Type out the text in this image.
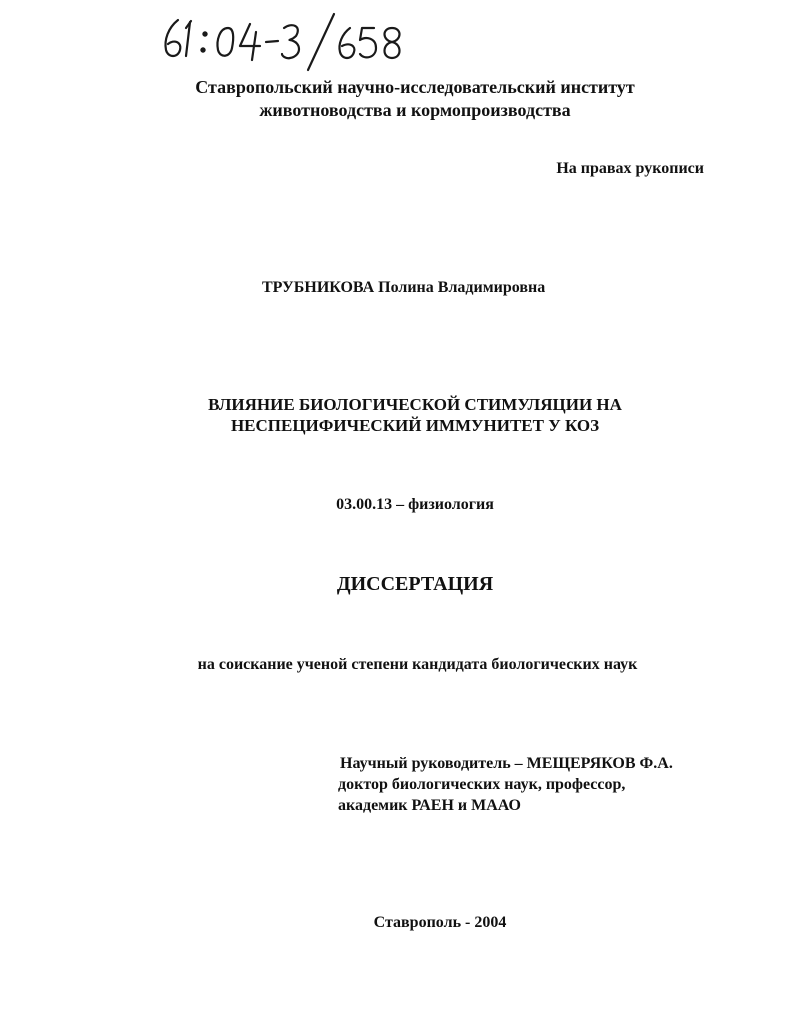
Ставропольский научно-исследовательский институт
животноводства и кормопроизводства
На правах рукописи
ТРУБНИКОВА Полина Владимировна
ВЛИЯНИЕ БИОЛОГИЧЕСКОЙ СТИМУЛЯЦИИ НА
НЕСПЕЦИФИЧЕСКИЙ ИММУНИТЕТ У КОЗ
03.00.13 – физиология
ДИССЕРТАЦИЯ
на соискание ученой степени кандидата биологических наук
Научный руководитель – МЕЩЕРЯКОВ Ф.А.
доктор биологических наук, профессор,
академик РАЕН и МААО
Ставрополь - 2004
